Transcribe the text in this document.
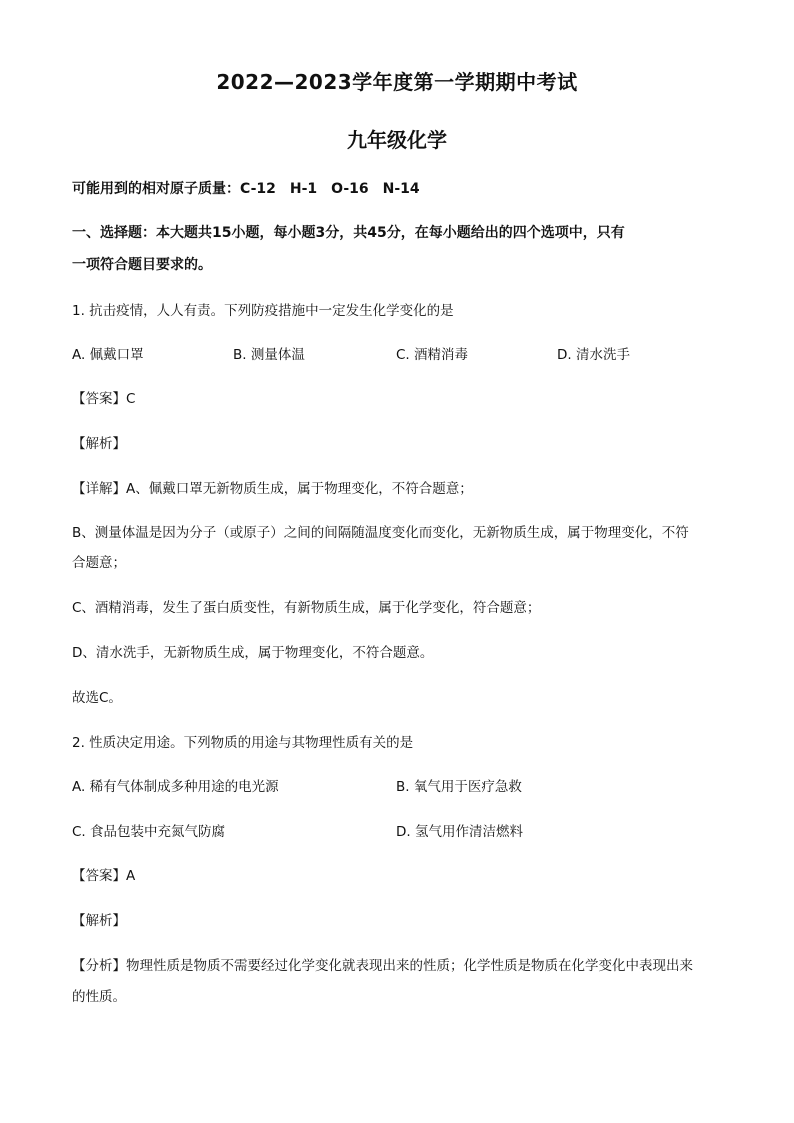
2022—2023学年度第一学期期中考试
九年级化学
可能用到的相对原子质量：C-12　H-1　O-16　N-14
一、选择题：本大题共15小题，每小题3分，共45分，在每小题给出的四个选项中，只有
一项符合题目要求的。
1. 抗击疫情，人人有责。下列防疫措施中一定发生化学变化的是
A. 佩戴口罩	B. 测量体温	C. 酒精消毒	D. 清水洗手
【答案】C
【解析】
【详解】A、佩戴口罩无新物质生成，属于物理变化，不符合题意；
B、测量体温是因为分子（或原子）之间的间隔随温度变化而变化，无新物质生成，属于物理变化，不符
合题意；
C、酒精消毒，发生了蛋白质变性，有新物质生成，属于化学变化，符合题意；
D、清水洗手，无新物质生成，属于物理变化，不符合题意。
故选C。
2. 性质决定用途。下列物质的用途与其物理性质有关的是
A. 稀有气体制成多种用途的电光源	B. 氧气用于医疗急救
C. 食品包装中充氮气防腐	D. 氢气用作清洁燃料
【答案】A
【解析】
【分析】物理性质是物质不需要经过化学变化就表现出来的性质；化学性质是物质在化学变化中表现出来
的性质。
